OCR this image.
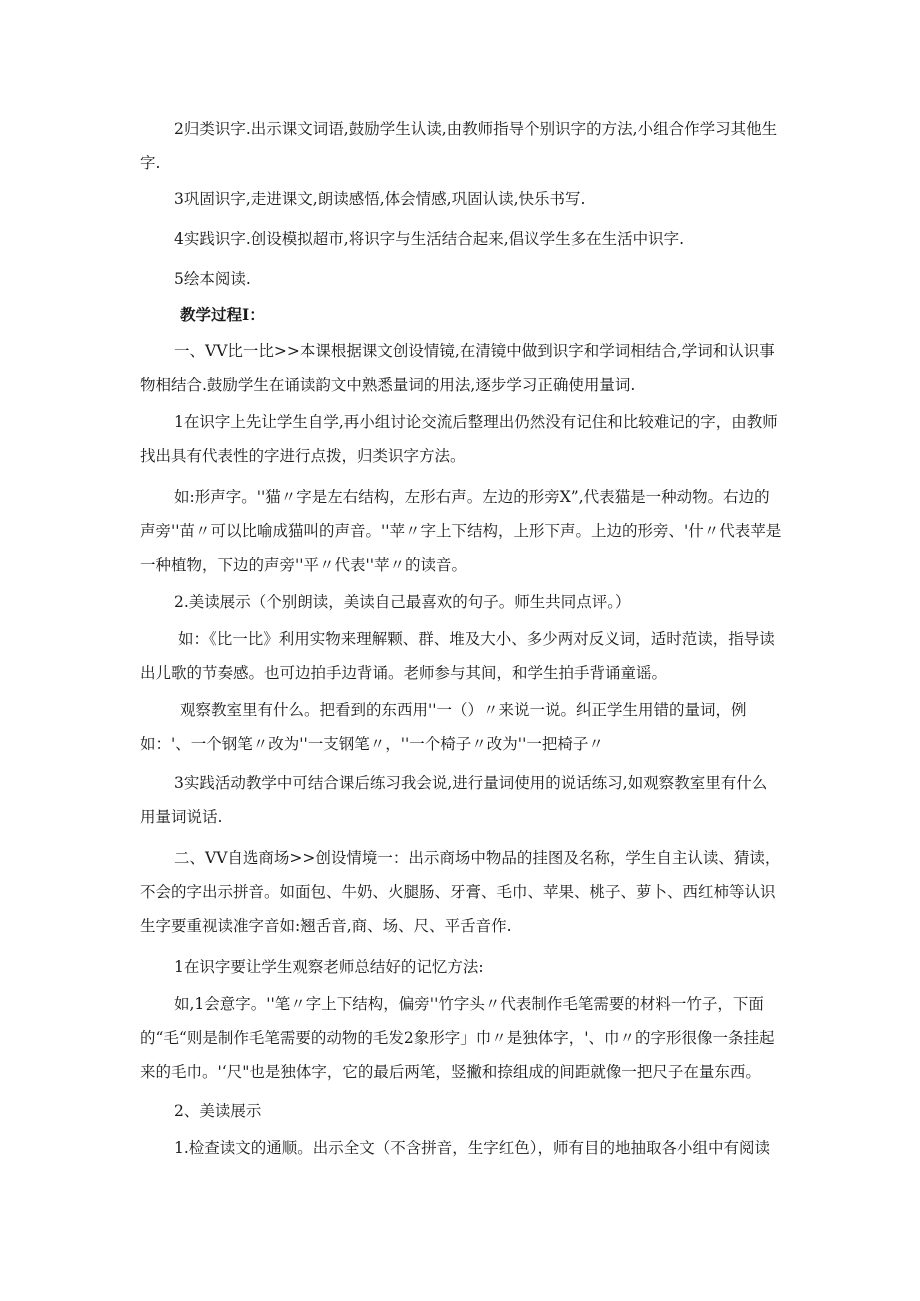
2归类识字.出示课文词语,鼓励学生认读,由教师指导个别识字的方法,小组合作学习其他生字.

3巩固识字,走进课文,朗读感悟,体会情感,巩固认读,快乐书写.

4实践识字.创设模拟超市,将识字与生活结合起来,倡议学生多在生活中识字.

5绘本阅读.

教学过程I：

一、VV比一比>>本课根据课文创设情镜,在清镜中做到识字和学词相结合,学词和认识事物相结合.鼓励学生在诵读韵文中熟悉量词的用法,逐步学习正确使用量词.

1在识字上先让学生自学,再小组讨论交流后整理出仍然没有记住和比较难记的字，由教师找出具有代表性的字进行点拨，归类识字方法。

如:形声字。''猫〃字是左右结构，左形右声。左边的形旁X”,代表猫是一种动物。右边的声旁''苗〃可以比喻成猫叫的声音。''苹〃字上下结构，上形下声。上边的形旁、'什〃代表苹是一种植物，下边的声旁''平〃代表''苹〃的读音。

2.美读展示（个别朗读，美读自己最喜欢的句子。师生共同点评。）

如：《比一比》利用实物来理解颗、群、堆及大小、多少两对反义词，适时范读，指导读出儿歌的节奏感。也可边拍手边背诵。老师参与其间，和学生拍手背诵童谣。

观察教室里有什么。把看到的东西用''一（）〃来说一说。纠正学生用错的量词，例如：'、一个钢笔〃改为''一支钢笔〃，''一个椅子〃改为''一把椅子〃

3实践活动教学中可结合课后练习我会说,进行量词使用的说话练习,如观察教室里有什么用量词说话.

二、VV自选商场>>创设情境一：出示商场中物品的挂图及名称，学生自主认读、猜读，不会的字出示拼音。如面包、牛奶、火腿肠、牙膏、毛巾、苹果、桃子、萝卜、西红柿等认识生字要重视读准字音如:翘舌音,商、场、尺、平舌音作.

1在识字要让学生观察老师总结好的记忆方法:

如,1会意字。''笔〃字上下结构，偏旁''竹字头〃代表制作毛笔需要的材料一竹子，下面的“毛“则是制作毛笔需要的动物的毛发2象形字」巾〃是独体字，'、巾〃的字形很像一条挂起来的毛巾。'‘尺"也是独体字，它的最后两笔，竖撇和捺组成的间距就像一把尺子在量东西。

2、美读展示

1.检查读文的通顺。出示全文（不含拼音，生字红色），师有目的地抽取各小组中有阅读
